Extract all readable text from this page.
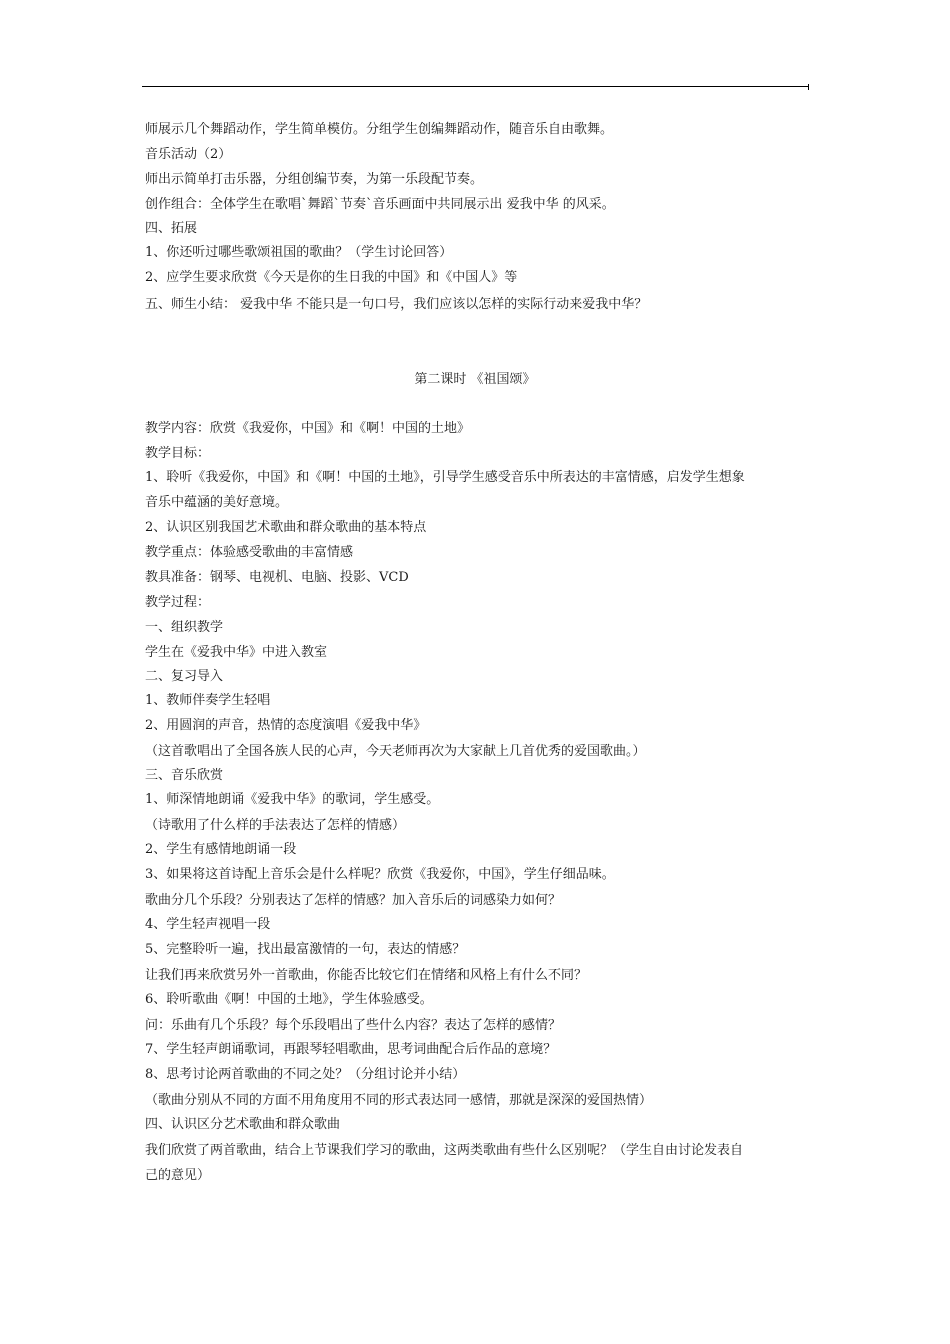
师展示几个舞蹈动作，学生简单模仿。分组学生创编舞蹈动作，随音乐自由歌舞。
音乐活动（2）
师出示简单打击乐器，分组创编节奏，为第一乐段配节奏。
创作组合：全体学生在歌唱`舞蹈`节奏`音乐画面中共同展示出 爱我中华 的风采。
四、拓展
1、你还听过哪些歌颂祖国的歌曲？（学生讨论回答）
2、应学生要求欣赏《今天是你的生日我的中国》和《中国人》等
五、师生小结： 爱我中华 不能只是一句口号，我们应该以怎样的实际行动来爱我中华？
第二课时 《祖国颂》
教学内容：欣赏《我爱你，中国》和《啊！中国的土地》
教学目标：
1、聆听《我爱你，中国》和《啊！中国的土地》，引导学生感受音乐中所表达的丰富情感，启发学生想象
音乐中蕴涵的美好意境。
2、认识区别我国艺术歌曲和群众歌曲的基本特点
教学重点：体验感受歌曲的丰富情感
教具准备：钢琴、电视机、电脑、投影、VCD
教学过程：
一、组织教学
学生在《爱我中华》中进入教室
二、复习导入
1、教师伴奏学生轻唱
2、用圆润的声音，热情的态度演唱《爱我中华》
（这首歌唱出了全国各族人民的心声，今天老师再次为大家献上几首优秀的爱国歌曲。）
三、音乐欣赏
1、师深情地朗诵《爱我中华》的歌词，学生感受。
（诗歌用了什么样的手法表达了怎样的情感）
2、学生有感情地朗诵一段
3、如果将这首诗配上音乐会是什么样呢？欣赏《我爱你，中国》，学生仔细品味。
歌曲分几个乐段？分别表达了怎样的情感？加入音乐后的词感染力如何？
4、学生轻声视唱一段
5、完整聆听一遍，找出最富激情的一句，表达的情感？
让我们再来欣赏另外一首歌曲，你能否比较它们在情绪和风格上有什么不同？
6、聆听歌曲《啊！中国的土地》，学生体验感受。
问：乐曲有几个乐段？每个乐段唱出了些什么内容？表达了怎样的感情？
7、学生轻声朗诵歌词，再跟琴轻唱歌曲，思考词曲配合后作品的意境？
8、思考讨论两首歌曲的不同之处？（分组讨论并小结）
（歌曲分别从不同的方面不用角度用不同的形式表达同一感情，那就是深深的爱国热情）
四、认识区分艺术歌曲和群众歌曲
我们欣赏了两首歌曲，结合上节课我们学习的歌曲，这两类歌曲有些什么区别呢？（学生自由讨论发表自
己的意见）
